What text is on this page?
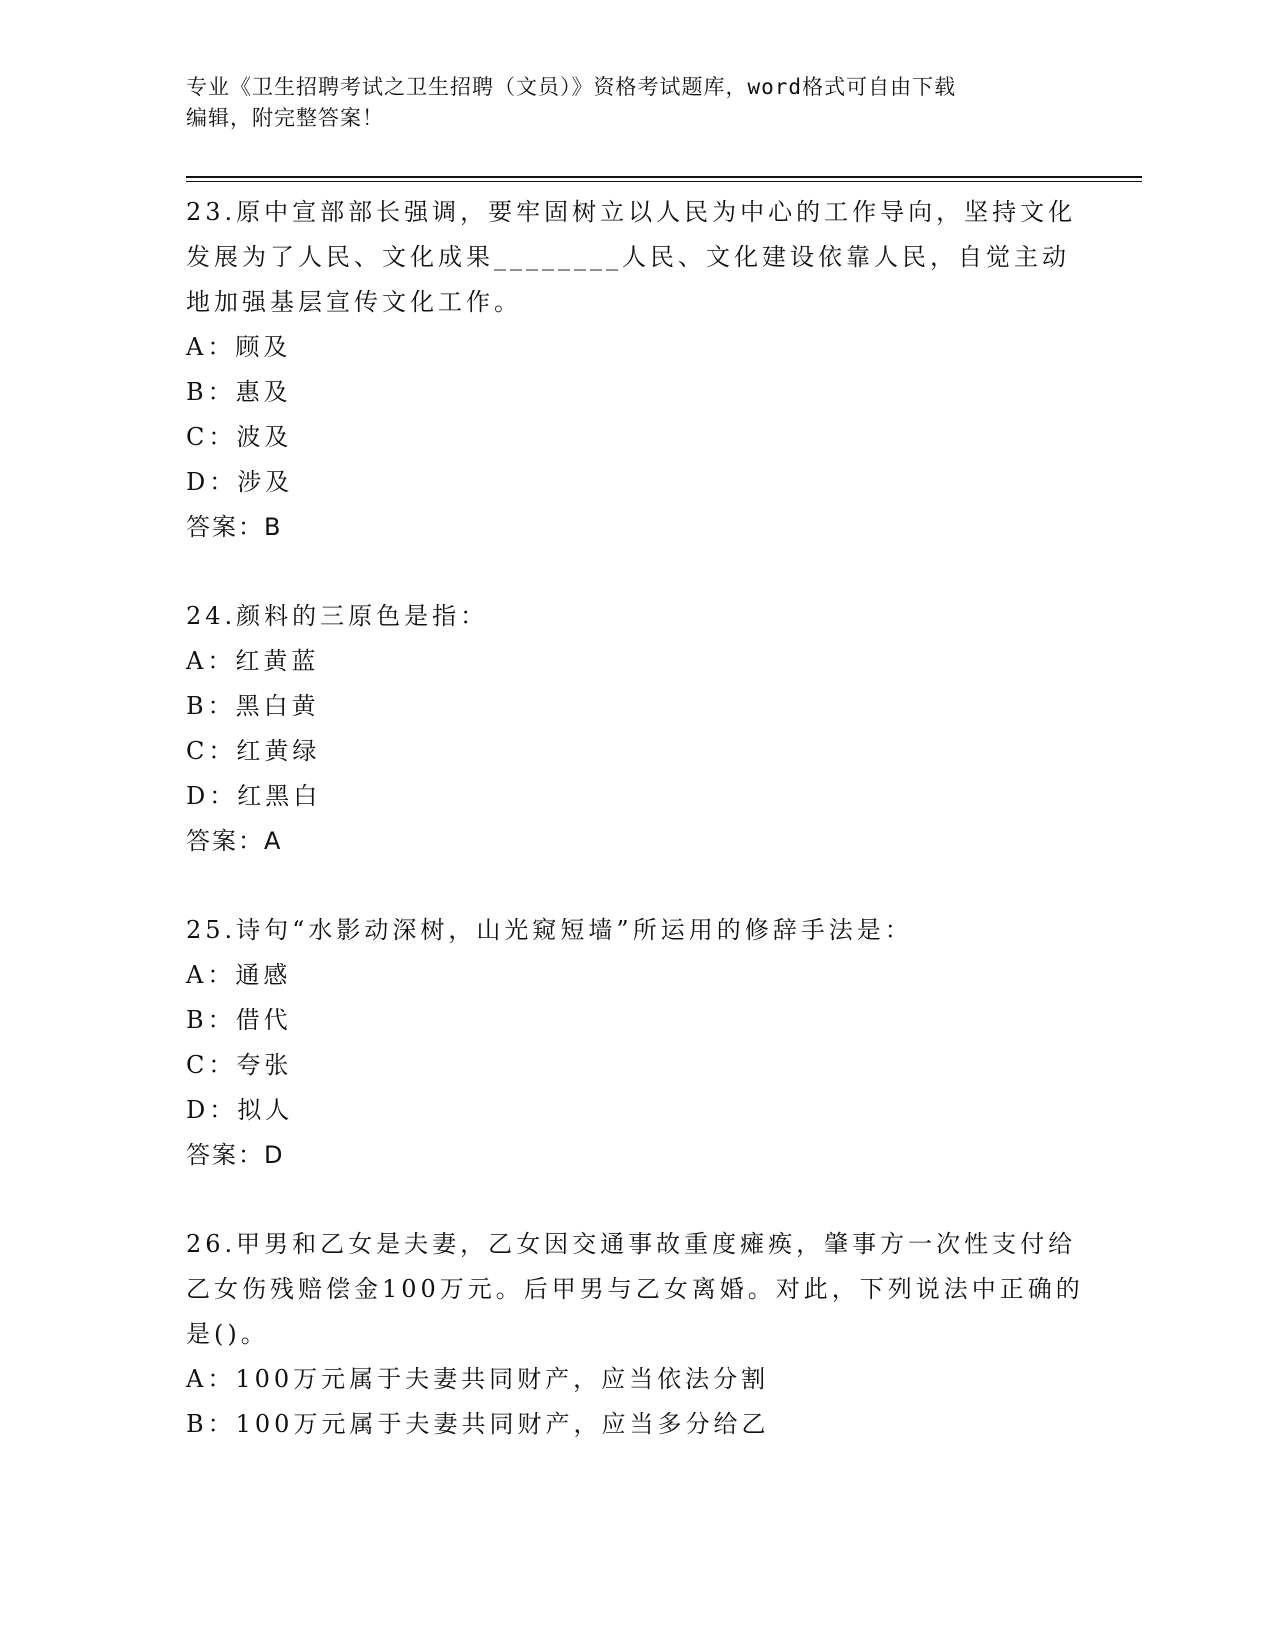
专业《卫生招聘考试之卫生招聘（文员）》资格考试题库，word格式可自由下载
编辑，附完整答案！

23.原中宣部部长强调，要牢固树立以人民为中心的工作导向，坚持文化发展为了人民、文化成果________人民、文化建设依靠人民，自觉主动地加强基层宣传文化工作。

A：顾及

B：惠及

C：波及

D：涉及

答案：B

24.颜料的三原色是指：

A：红黄蓝

B：黑白黄

C：红黄绿

D：红黑白

答案：A

25.诗句“水影动深树，山光窥短墙”所运用的修辞手法是：

A：通感

B：借代

C：夸张

D：拟人

答案：D

26.甲男和乙女是夫妻，乙女因交通事故重度瘫痪，肇事方一次性支付给乙女伤残赔偿金100万元。后甲男与乙女离婚。对此，下列说法中正确的是()。

A：100万元属于夫妻共同财产，应当依法分割

B：100万元属于夫妻共同财产，应当多分给乙
